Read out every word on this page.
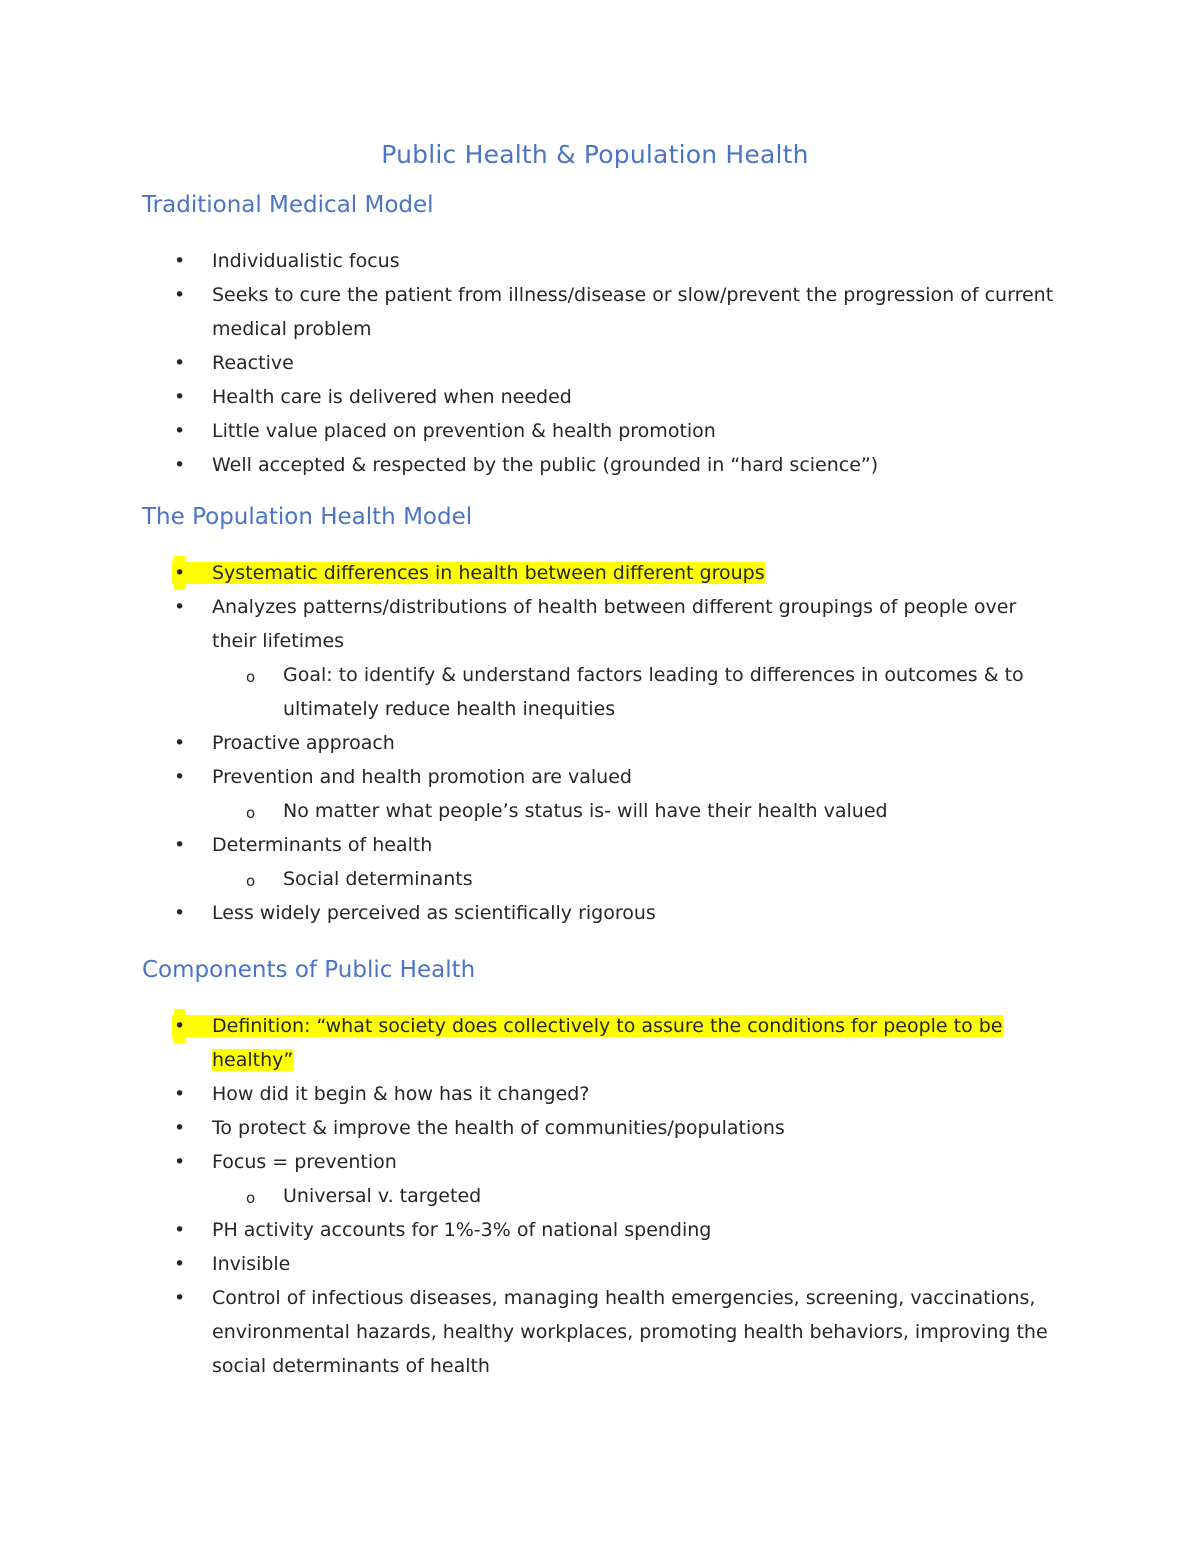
Public Health & Population Health
Traditional Medical Model
• Individualistic focus
• Seeks to cure the patient from illness/disease or slow/prevent the progression of current medical problem
• Reactive
• Health care is delivered when needed
• Little value placed on prevention & health promotion
• Well accepted & respected by the public (grounded in “hard science”)
The Population Health Model
• Systematic differences in health between different groups
• Analyzes patterns/distributions of health between different groupings of people over their lifetimes
o Goal: to identify & understand factors leading to differences in outcomes & to ultimately reduce health inequities
• Proactive approach
• Prevention and health promotion are valued
o No matter what people’s status is- will have their health valued
• Determinants of health
o Social determinants
• Less widely perceived as scientifically rigorous
Components of Public Health
• Definition: “what society does collectively to assure the conditions for people to be healthy”
• How did it begin & how has it changed?
• To protect & improve the health of communities/populations
• Focus = prevention
o Universal v. targeted
• PH activity accounts for 1%-3% of national spending
• Invisible
• Control of infectious diseases, managing health emergencies, screening, vaccinations, environmental hazards, healthy workplaces, promoting health behaviors, improving the social determinants of health
